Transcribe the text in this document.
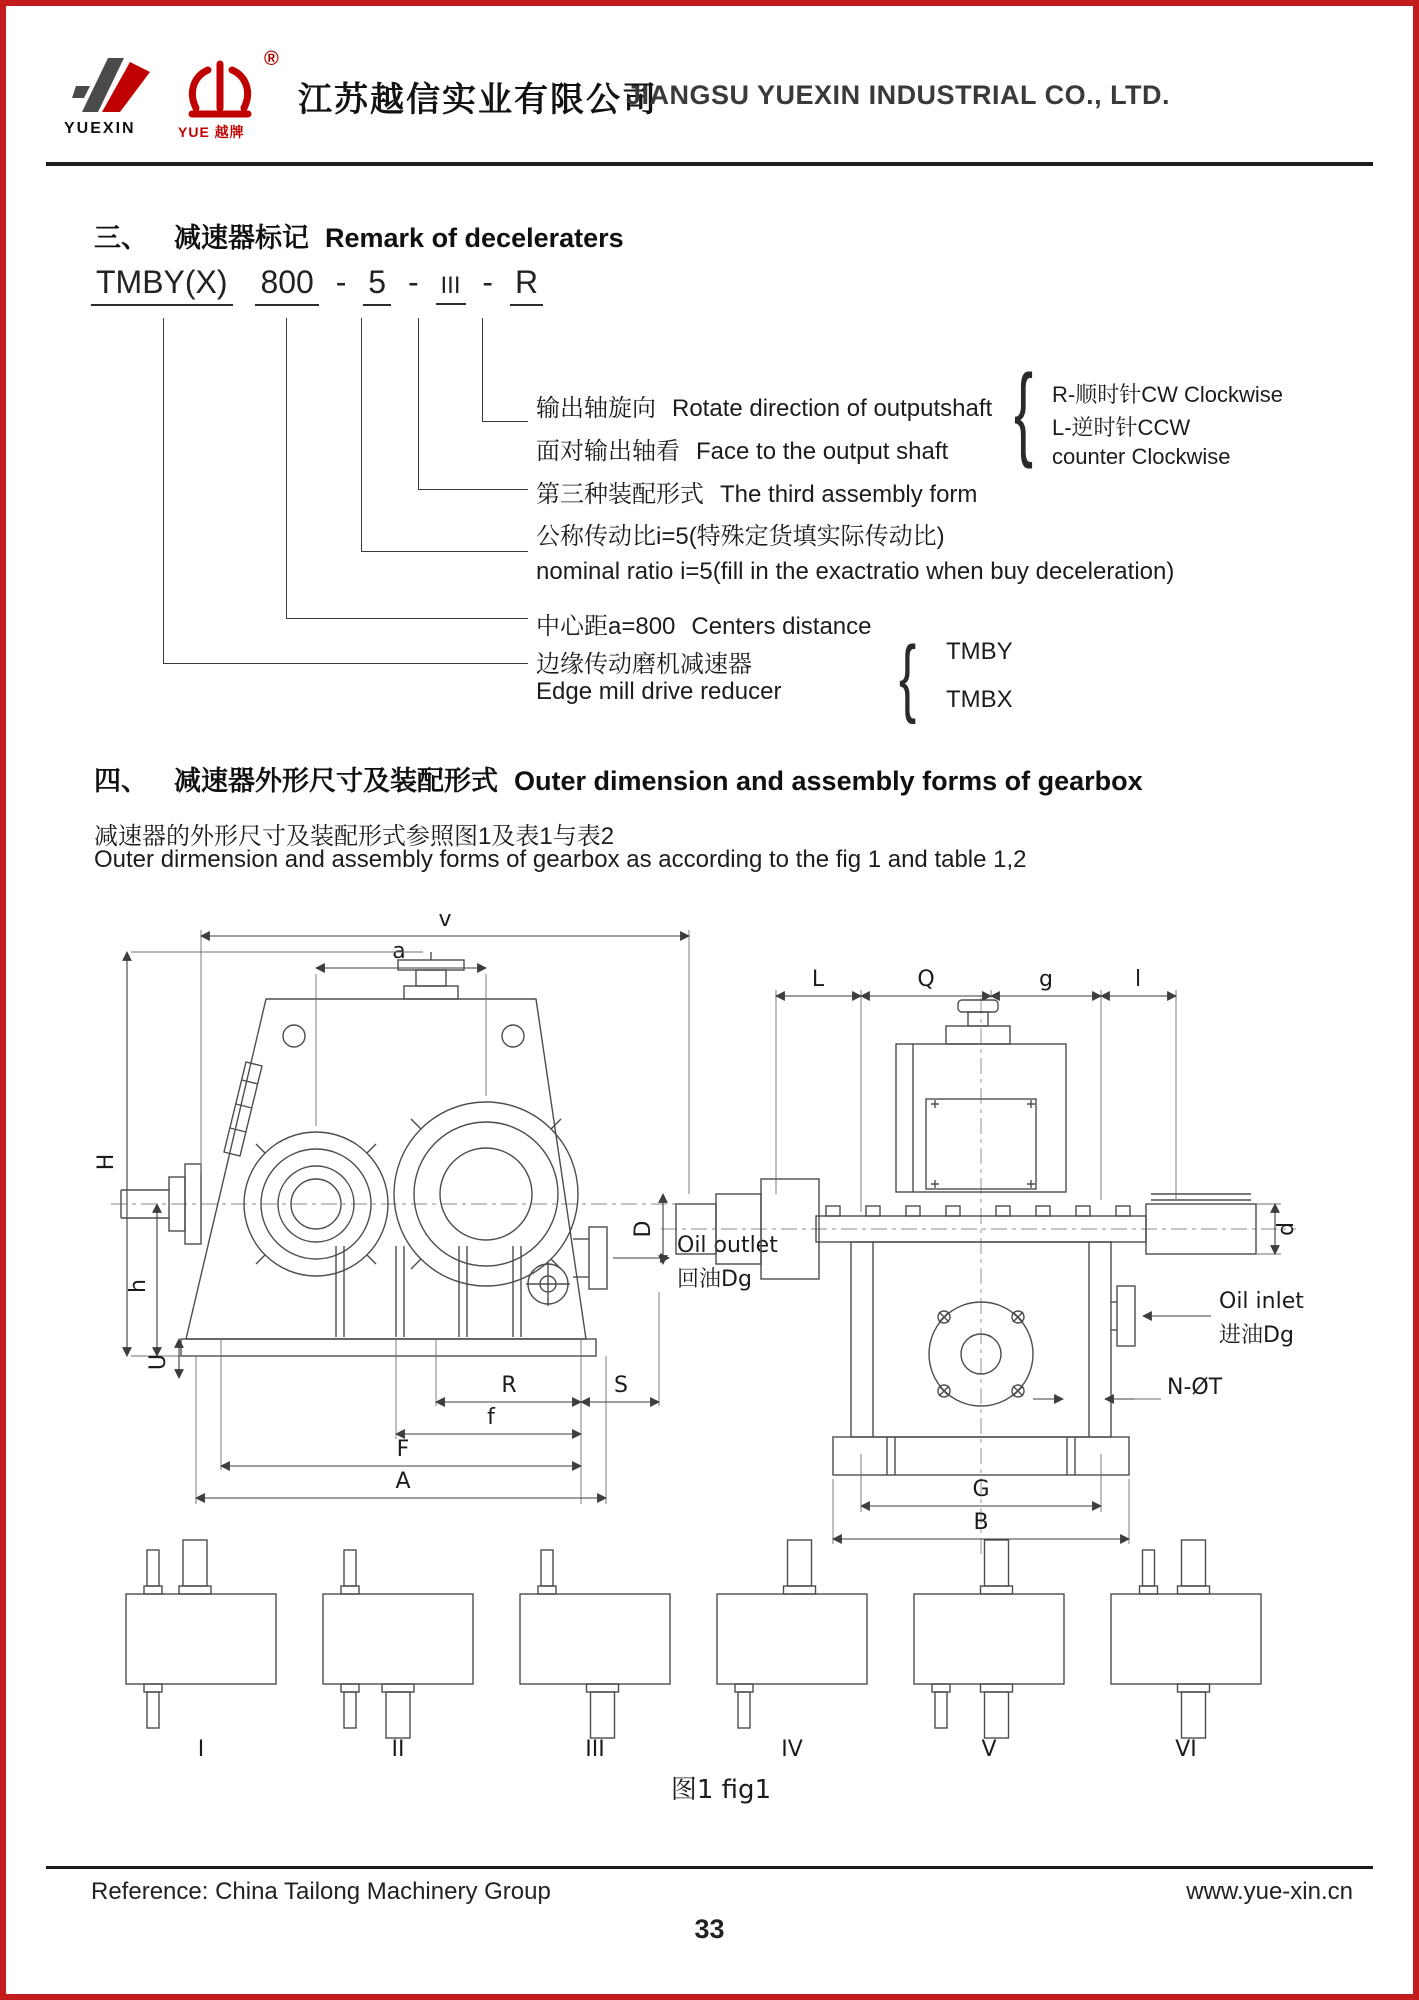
YUEXIN
®
YUE 越牌
江苏越信实业有限公司
JIANGSU YUEXIN INDUSTRIAL CO., LTD.
三、 减速器标记 Remark of deceleraters
TMBY(X) 800 - 5 - III - R
输出轴旋向 Rotate direction of outputshaft
面对输出轴看 Face to the output shaft { R-顺时针CW Clockwise
L-逆时针CCW
counter Clockwise
第三种装配形式 The third assembly form
公称传动比i=5(特殊定货填实际传动比)
nominal ratio i=5(fill in the exactratio when buy deceleration)
中心距a=800 Centers distance
边缘传动磨机减速器
Edge mill drive reducer { TMBY
TMBX
四、 减速器外形尺寸及装配形式 Outer dimension and assembly forms of gearbox
减速器的外形尺寸及装配形式参照图1及表1与表2
Outer dirmension and assembly forms of gearbox as according to the fig 1 and table 1,2
v
a
H
h
U
R	S
f
F
A
Oil outlet
回油Dg
L	Q	g	l
D	d
G
B
Oil inlet
进油Dg
N-ØT
I	II	III	IV	V	VI
图1 fig1
Reference: China Tailong Machinery Group	www.yue-xin.cn
33
